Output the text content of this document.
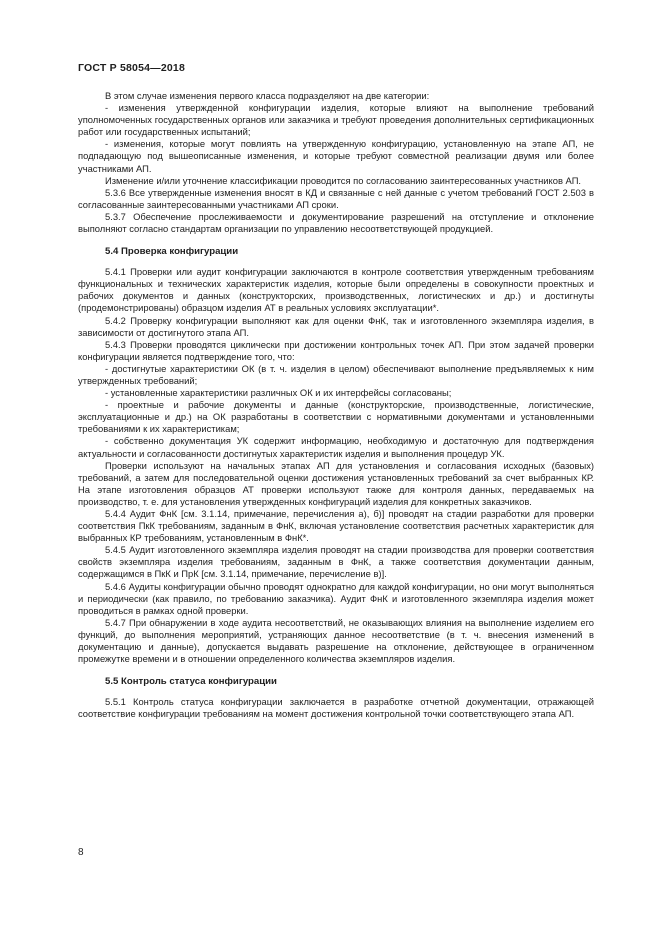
ГОСТ Р 58054—2018

В этом случае изменения первого класса подразделяют на две категории:

- изменения утвержденной конфигурации изделия, которые влияют на выполнение требований уполномоченных государственных органов или заказчика и требуют проведения дополнительных сертификационных работ или государственных испытаний;

- изменения, которые могут повлиять на утвержденную конфигурацию, установленную на этапе АП, не подпадающую под вышеописанные изменения, и которые требуют совместной реализации двумя или более участниками АП.

Изменение и/или уточнение классификации проводится по согласованию заинтересованных участников АП.

5.3.6 Все утвержденные изменения вносят в КД и связанные с ней данные с учетом требований ГОСТ 2.503 в согласованные заинтересованными участниками АП сроки.

5.3.7 Обеспечение прослеживаемости и документирование разрешений на отступление и отклонение выполняют согласно стандартам организации по управлению несоответствующей продукцией.

5.4 Проверка конфигурации

5.4.1 Проверки или аудит конфигурации заключаются в контроле соответствия утвержденным требованиям функциональных и технических характеристик изделия, которые были определены в совокупности проектных и рабочих документов и данных (конструкторских, производственных, логистических и др.) и достигнуты (продемонстрированы) образцом изделия АТ в реальных условиях эксплуатации*.

5.4.2 Проверку конфигурации выполняют как для оценки ФнК, так и изготовленного экземпляра изделия, в зависимости от достигнутого этапа АП.

5.4.3 Проверки проводятся циклически при достижении контрольных точек АП. При этом задачей проверки конфигурации является подтверждение того, что:

- достигнутые характеристики ОК (в т. ч. изделия в целом) обеспечивают выполнение предъявляемых к ним утвержденных требований;

- установленные характеристики различных ОК и их интерфейсы согласованы;

- проектные и рабочие документы и данные (конструкторские, производственные, логистические, эксплуатационные и др.) на ОК разработаны в соответствии с нормативными документами и установленными требованиями к их характеристикам;

- собственно документация УК содержит информацию, необходимую и достаточную для подтверждения актуальности и согласованности достигнутых характеристик изделия и выполнения процедур УК.

Проверки используют на начальных этапах АП для установления и согласования исходных (базовых) требований, а затем для последовательной оценки достижения установленных требований за счет выбранных КР. На этапе изготовления образцов АТ проверки используют также для контроля данных, передаваемых на производство, т. е. для установления утвержденных конфигураций изделия для конкретных заказчиков.

5.4.4 Аудит ФнК [см. 3.1.14, примечание, перечисления а), б)] проводят на стадии разработки для проверки соответствия ПкК требованиям, заданным в ФнК, включая установление соответствия расчетных характеристик для выбранных КР требованиям, установленным в ФнК*.

5.4.5 Аудит изготовленного экземпляра изделия проводят на стадии производства для проверки соответствия свойств экземпляра изделия требованиям, заданным в ФнК, а также соответствия документации данным, содержащимся в ПкК и ПрК [см. 3.1.14, примечание, перечисление в)].

5.4.6 Аудиты конфигурации обычно проводят однократно для каждой конфигурации, но они могут выполняться и периодически (как правило, по требованию заказчика). Аудит ФнК и изготовленного экземпляра изделия может проводиться в рамках одной проверки.

5.4.7 При обнаружении в ходе аудита несоответствий, не оказывающих влияния на выполнение изделием его функций, до выполнения мероприятий, устраняющих данное несоответствие (в т. ч. внесения изменений в документацию и данные), допускается выдавать разрешение на отклонение, действующее в ограниченном промежутке времени и в отношении определенного количества экземпляров изделия.

5.5 Контроль статуса конфигурации

5.5.1 Контроль статуса конфигурации заключается в разработке отчетной документации, отражающей соответствие конфигурации требованиям на момент достижения контрольной точки соответствующего этапа АП.

8
